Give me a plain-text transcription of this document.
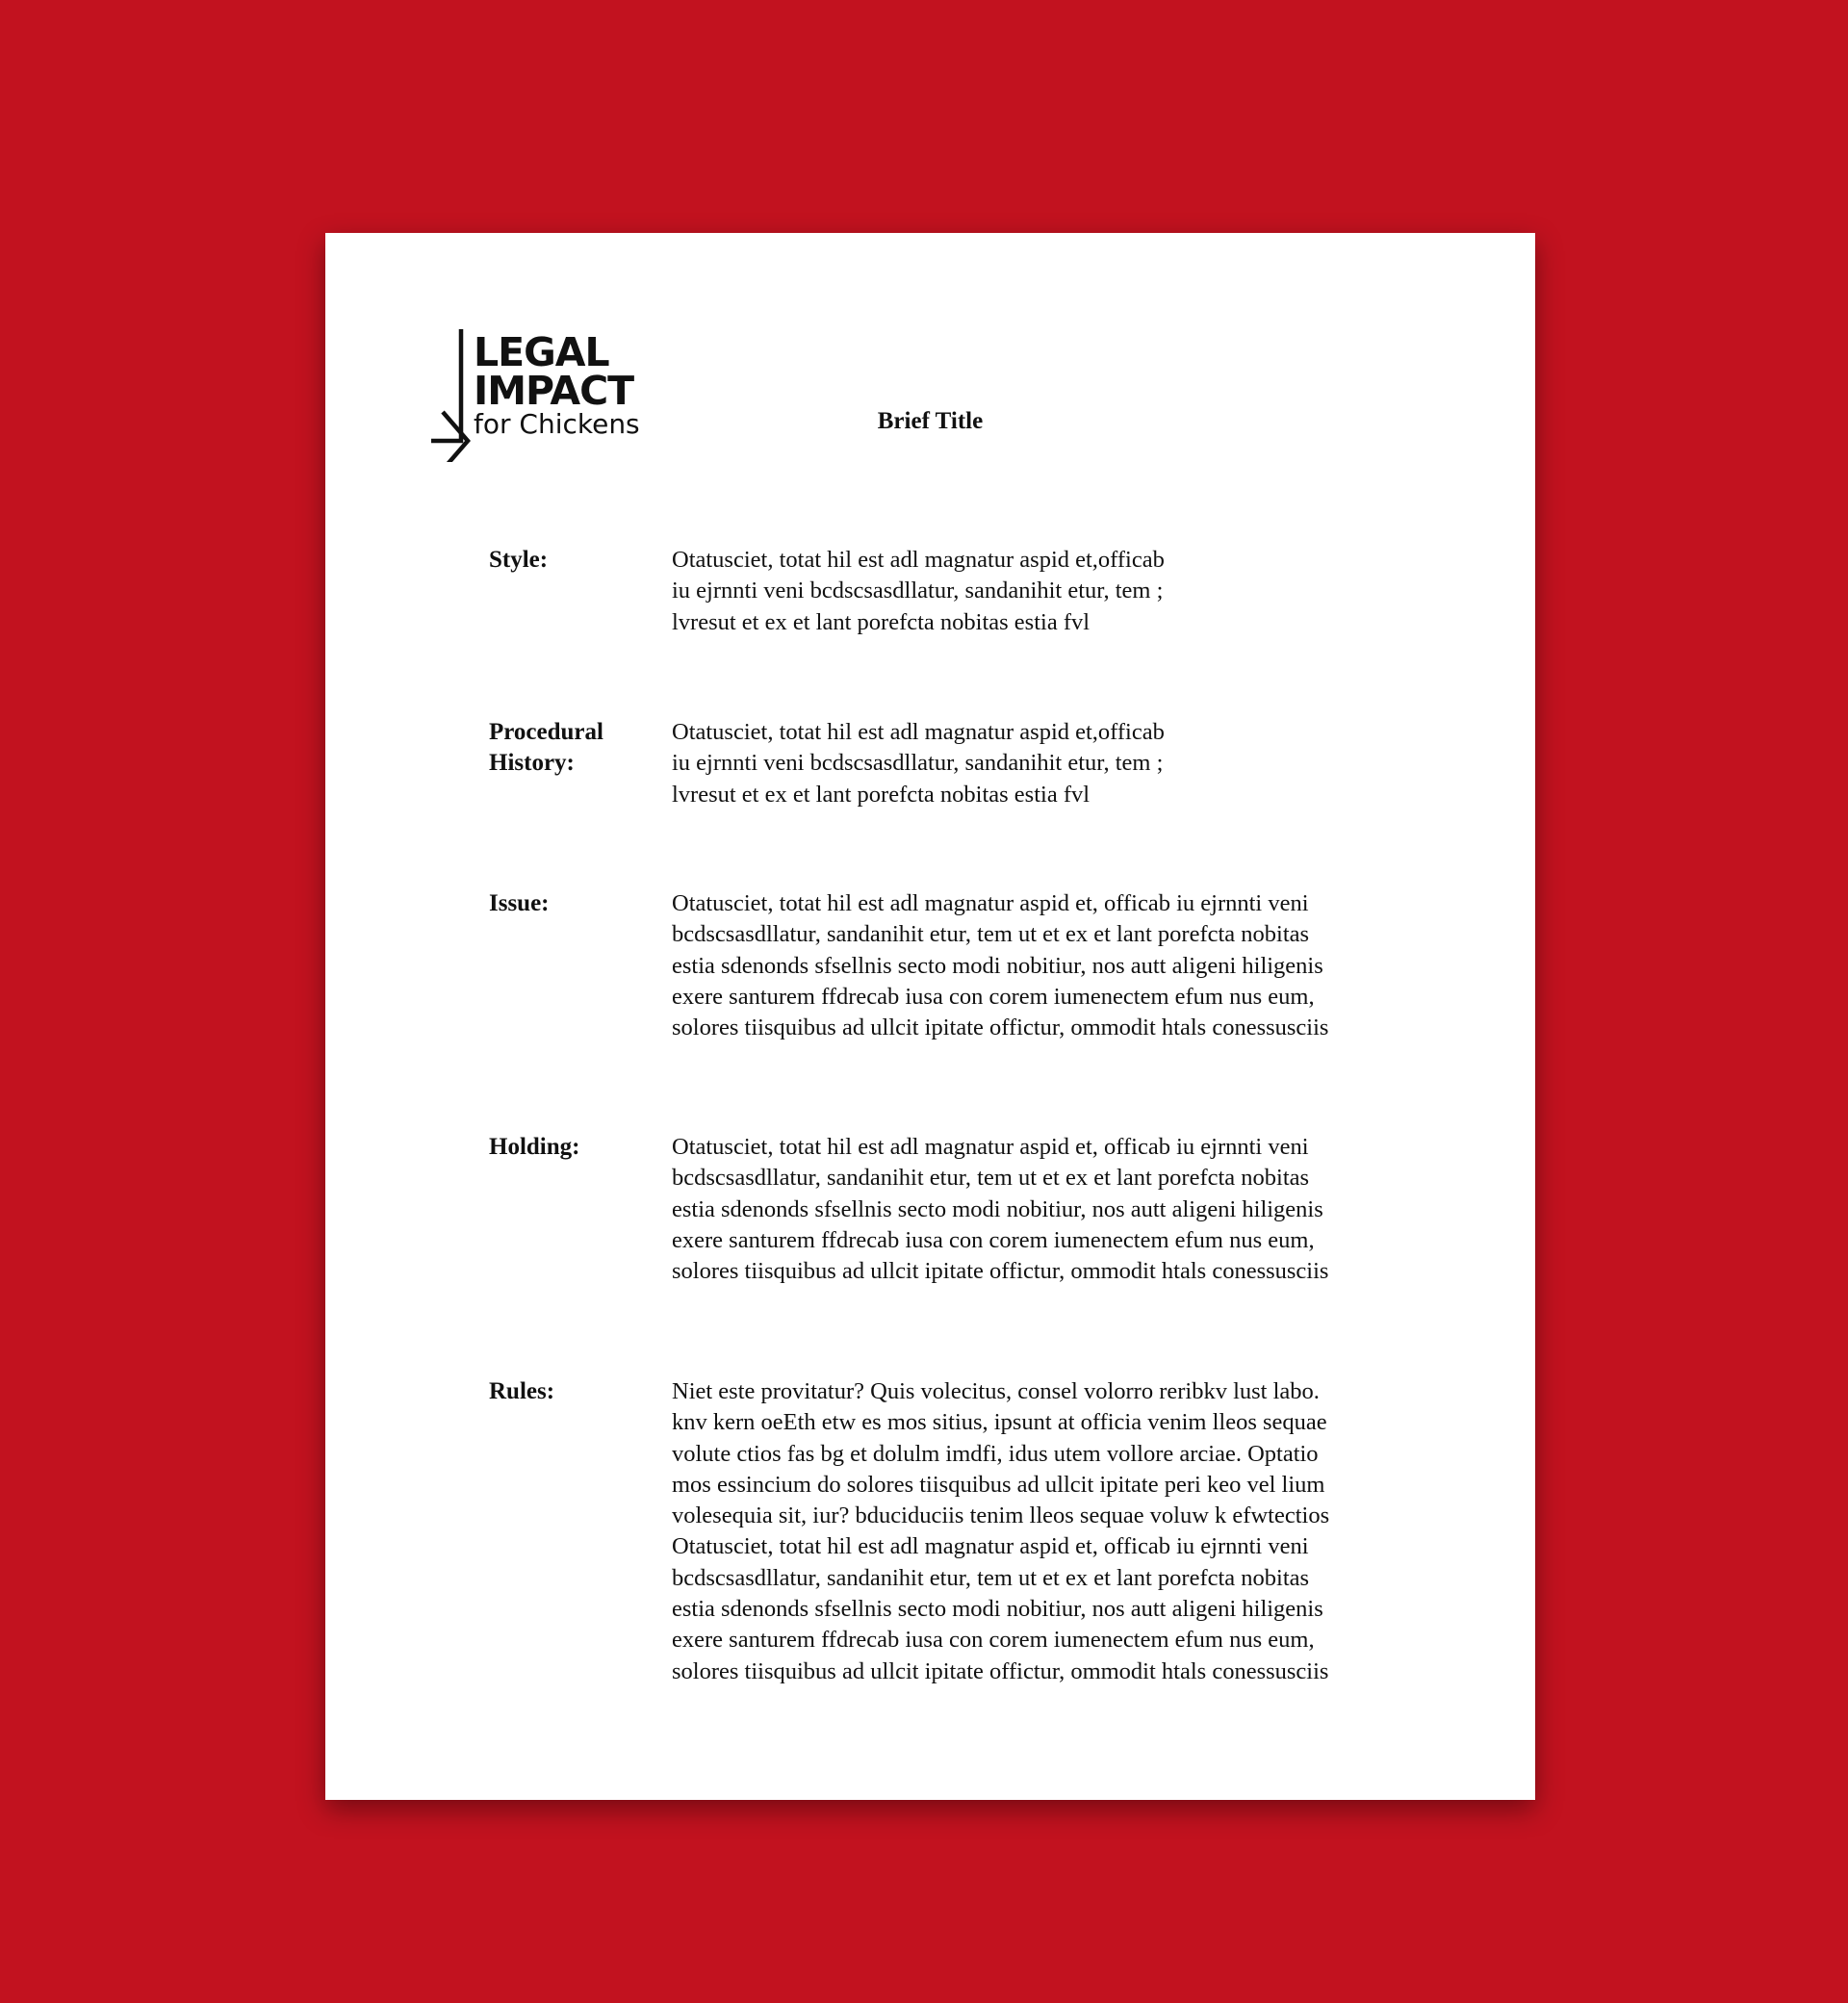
LEGAL
IMPACT
for Chickens	Brief Title
Style:	Otatusciet, totat hil est adl magnatur aspid et,officab
iu ejrnnti veni bcdscsasdllatur, sandanihit etur, tem ;
lvresut et ex et lant porefcta nobitas estia fvl
Procedural
History:
Otatusciet, totat hil est adl magnatur aspid et,officab
iu ejrnnti veni bcdscsasdllatur, sandanihit etur, tem ;
lvresut et ex et lant porefcta nobitas estia fvl
Issue:	Otatusciet, totat hil est adl magnatur aspid et, officab iu ejrnnti veni
bcdscsasdllatur, sandanihit etur, tem ut et ex et lant porefcta nobitas
estia sdenonds sfsellnis secto modi nobitiur, nos autt aligeni hiligenis
exere santurem ffdrecab iusa con corem iumenectem efum nus eum,
solores tiisquibus ad ullcit ipitate offictur, ommodit htals conessusciis
Holding:	Otatusciet, totat hil est adl magnatur aspid et, officab iu ejrnnti veni
bcdscsasdllatur, sandanihit etur, tem ut et ex et lant porefcta nobitas
estia sdenonds sfsellnis secto modi nobitiur, nos autt aligeni hiligenis
exere santurem ffdrecab iusa con corem iumenectem efum nus eum,
solores tiisquibus ad ullcit ipitate offictur, ommodit htals conessusciis
Rules:	Niet este provitatur? Quis volecitus, consel volorro reribkv lust labo.
knv kern oeEth etw es mos sitius, ipsunt at officia venim lleos sequae
volute ctios fas bg et dolulm imdfi, idus utem vollore arciae. Optatio
mos essincium do solores tiisquibus ad ullcit ipitate peri keo vel lium
volesequia sit, iur? bduciduciis tenim lleos sequae voluw k efwtectios
Otatusciet, totat hil est adl magnatur aspid et, officab iu ejrnnti veni
bcdscsasdllatur, sandanihit etur, tem ut et ex et lant porefcta nobitas
estia sdenonds sfsellnis secto modi nobitiur, nos autt aligeni hiligenis
exere santurem ffdrecab iusa con corem iumenectem efum nus eum,
solores tiisquibus ad ullcit ipitate offictur, ommodit htals conessusciis
